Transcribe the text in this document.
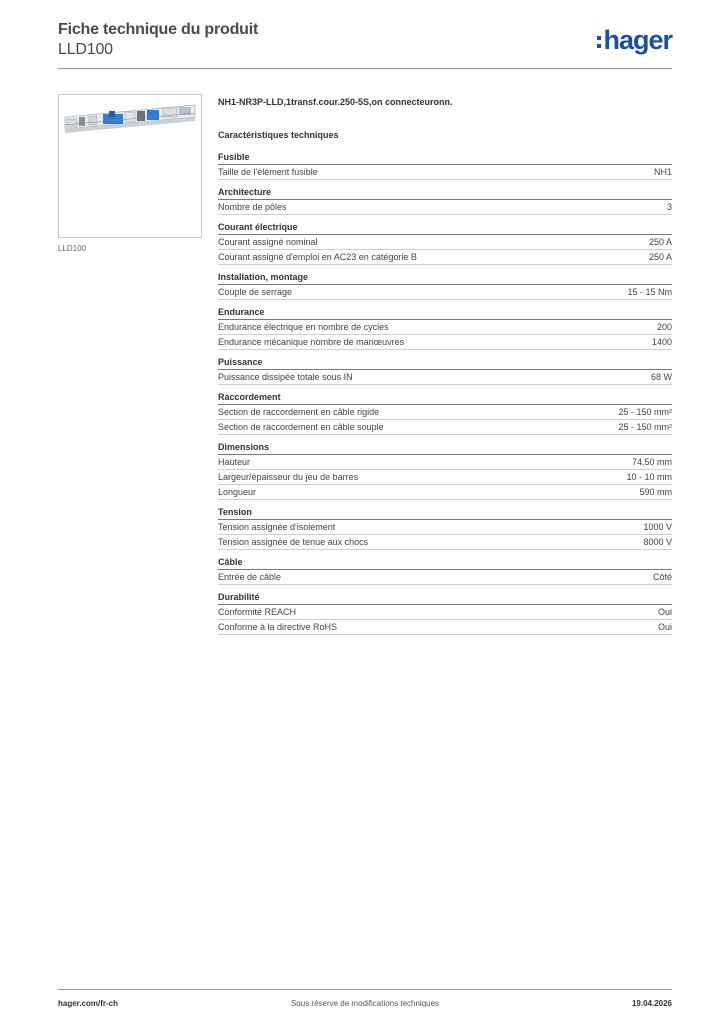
Fiche technique du produit
LLD100	hager
LLD100
NH1-NR3P-LLD,1transf.cour.250-5S,on connecteuronn.
Caractéristiques techniques
Fusible
Taille de l'élément fusible	NH1
Architecture
Nombre de pôles	3
Courant électrique
Courant assigné nominal	250 A
Courant assigné d'emploi en AC23 en catégorie B	250 A
Installation, montage
Couple de serrage	15 - 15 Nm
Endurance
Endurance électrique en nombre de cycles	200
Endurance mécanique nombre de manœuvres	1400
Puissance
Puissance dissipée totale sous IN	68 W
Raccordement
Section de raccordement en câble rigide	25 - 150 mm²
Section de raccordement en câble souple	25 - 150 mm²
Dimensions
Hauteur	74.50 mm
Largeur/épaisseur du jeu de barres	10 - 10 mm
Longueur	590 mm
Tension
Tension assignée d'isolement	1000 V
Tension assignée de tenue aux chocs	8000 V
Câble
Entrée de câble	Côté
Durabilité
Conformité REACH	Oui
Conforme à la directive RoHS	Oui
hager.com/fr-ch	Sous réserve de modifications techniques	19.04.2026
